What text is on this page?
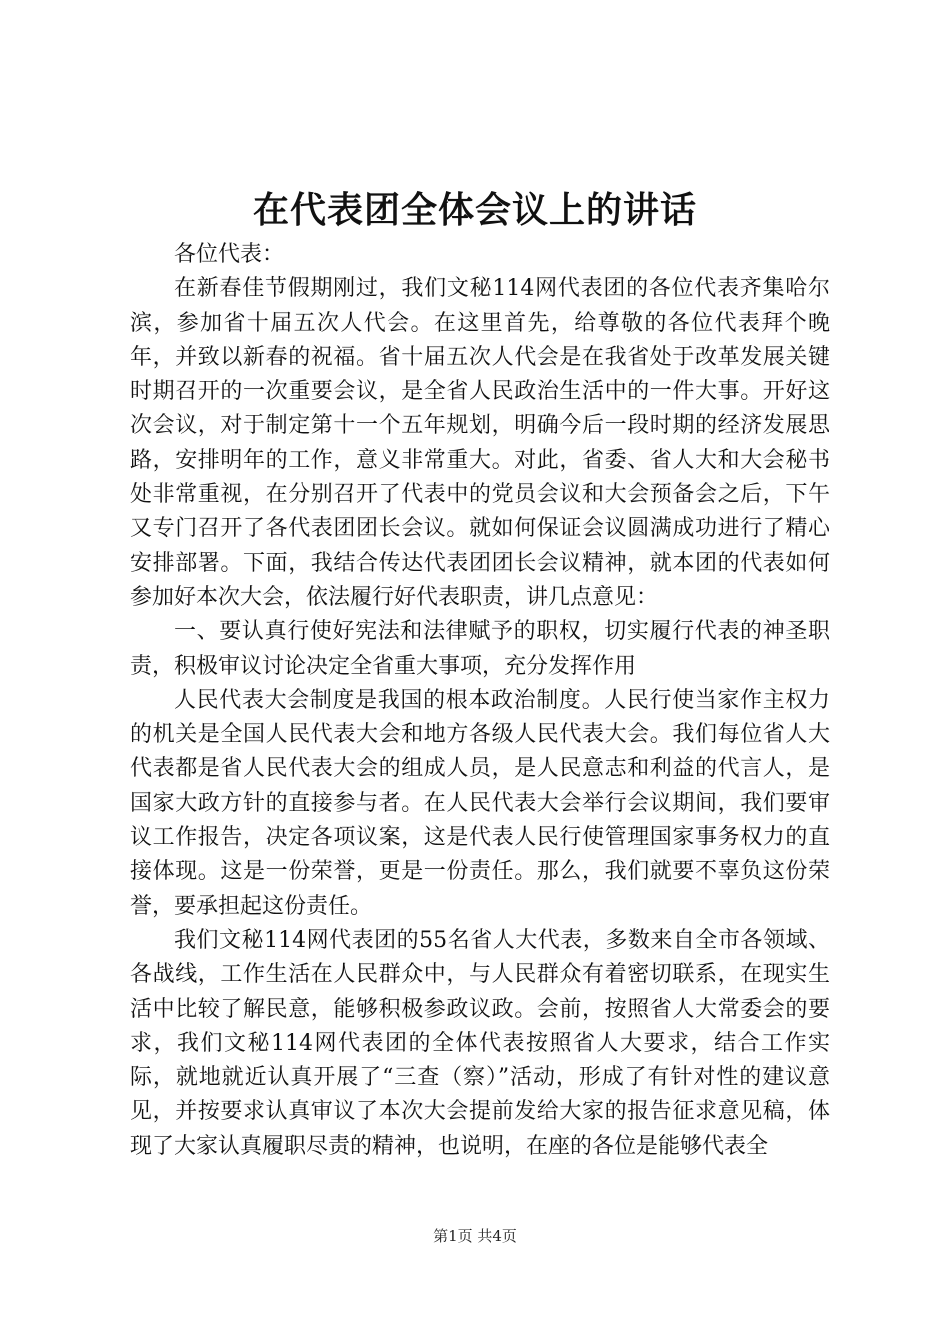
在代表团全体会议上的讲话

各位代表：

在新春佳节假期刚过，我们文秘114网代表团的各位代表齐集哈尔滨，参加省十届五次人代会。在这里首先，给尊敬的各位代表拜个晚年，并致以新春的祝福。省十届五次人代会是在我省处于改革发展关键时期召开的一次重要会议，是全省人民政治生活中的一件大事。开好这次会议，对于制定第十一个五年规划，明确今后一段时期的经济发展思路，安排明年的工作，意义非常重大。对此，省委、省人大和大会秘书处非常重视，在分别召开了代表中的党员会议和大会预备会之后，下午又专门召开了各代表团团长会议。就如何保证会议圆满成功进行了精心安排部署。下面，我结合传达代表团团长会议精神，就本团的代表如何参加好本次大会，依法履行好代表职责，讲几点意见：

一、要认真行使好宪法和法律赋予的职权，切实履行代表的神圣职责，积极审议讨论决定全省重大事项，充分发挥作用

人民代表大会制度是我国的根本政治制度。人民行使当家作主权力的机关是全国人民代表大会和地方各级人民代表大会。我们每位省人大代表都是省人民代表大会的组成人员，是人民意志和利益的代言人，是国家大政方针的直接参与者。在人民代表大会举行会议期间，我们要审议工作报告，决定各项议案，这是代表人民行使管理国家事务权力的直接体现。这是一份荣誉，更是一份责任。那么，我们就要不辜负这份荣誉，要承担起这份责任。

我们文秘114网代表团的55名省人大代表，多数来自全市各领域、各战线，工作生活在人民群众中，与人民群众有着密切联系，在现实生活中比较了解民意，能够积极参政议政。会前，按照省人大常委会的要求，我们文秘114网代表团的全体代表按照省人大要求，结合工作实际，就地就近认真开展了“三查（察）”活动，形成了有针对性的建议意见，并按要求认真审议了本次大会提前发给大家的报告征求意见稿，体现了大家认真履职尽责的精神，也说明，在座的各位是能够代表全

第1页 共4页
